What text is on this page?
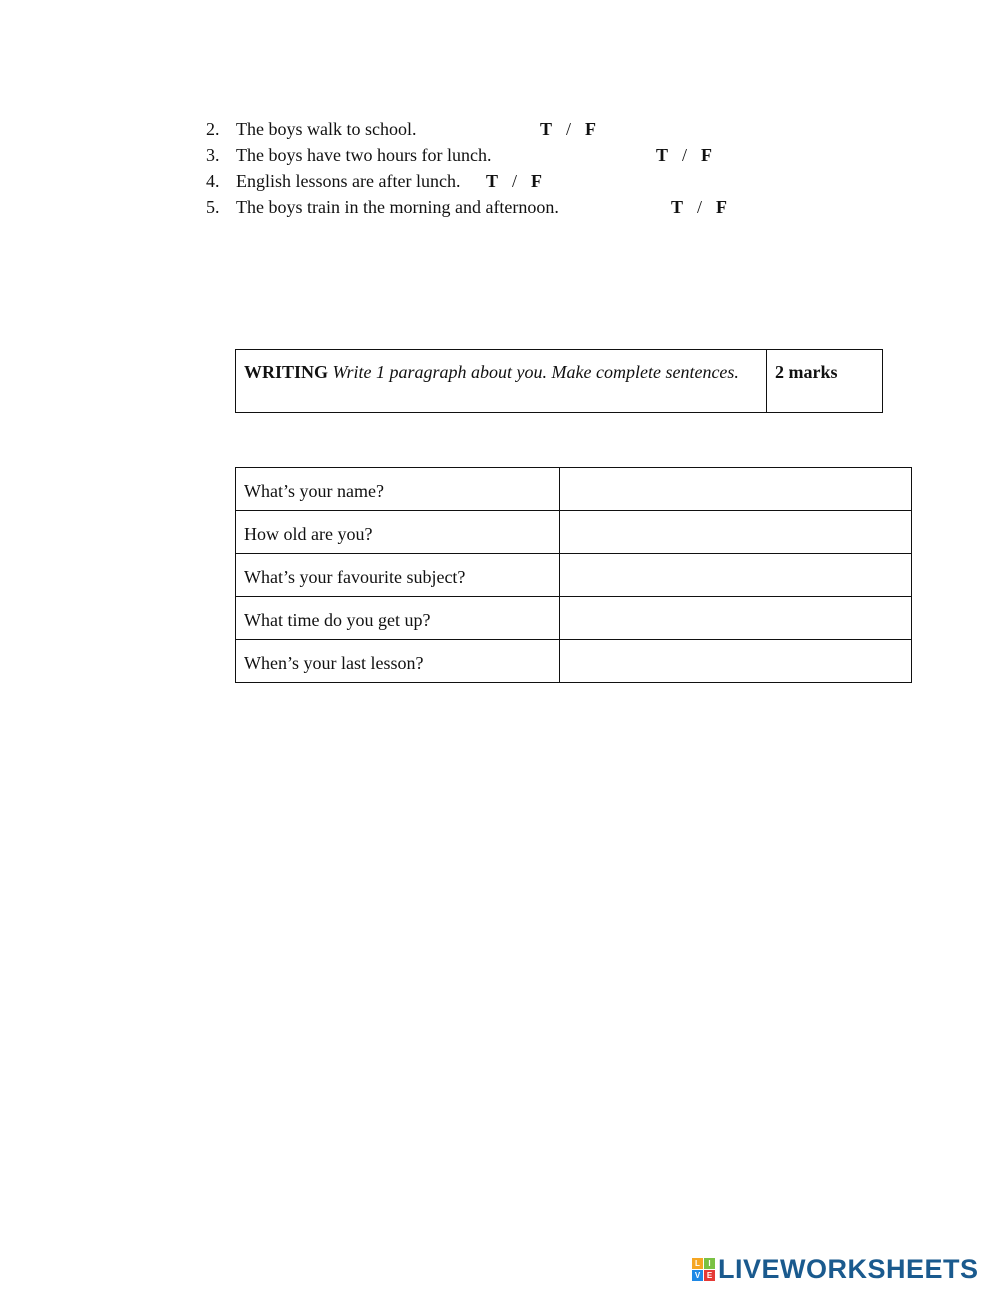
2. The boys walk to school.	T / F
3. The boys have two hours for lunch.	T / F
4. English lessons are after lunch. T / F
5. The boys train in the morning and afternoon.	T / F
WRITING Write 1 paragraph about you. Make complete sentences.	2 marks
What’s your name?	
How old are you?	
What’s your favourite subject?	
What time do you get up?	
When’s your last lesson?	
L	I
V E LIVEWORKSHEETS
